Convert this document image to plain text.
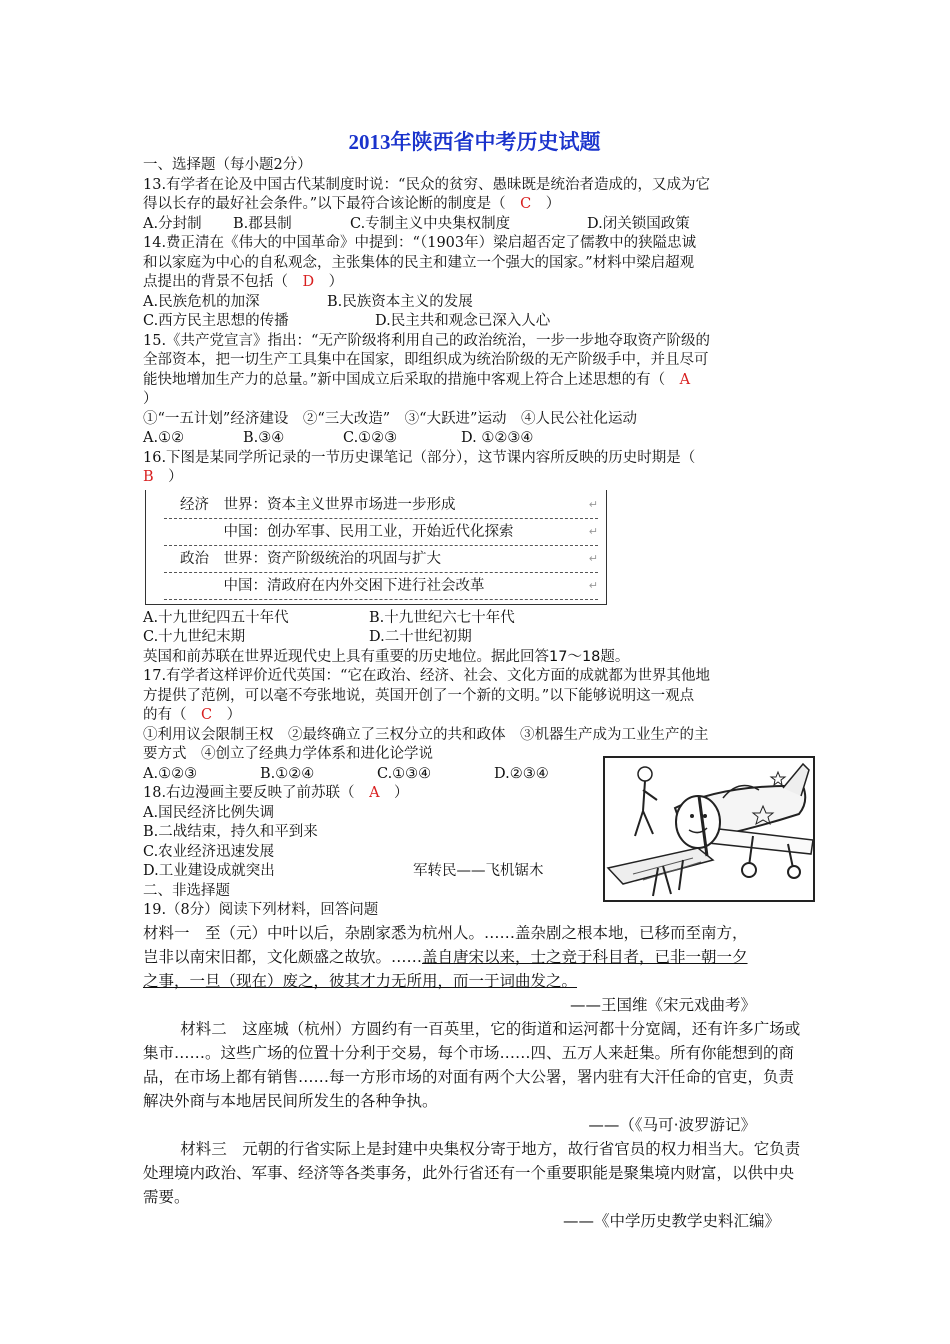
2013年陕西省中考历史试题
一、选择题（每小题2分）
13.有学者在论及中国古代某制度时说：“民众的贫穷、愚昧既是统治者造成的，又成为它
得以长存的最好社会条件。”以下最符合该论断的制度是（　 C　 ）
A.分封制 B.郡县制	C.专制主义中央集权制度	D.闭关锁国政策
14.费正清在《伟大的中国革命》中提到：“（1903年）梁启超否定了儒教中的狭隘忠诚
和以家庭为中心的自私观念，主张集体的民主和建立一个强大的国家。”材料中梁启超观
点提出的背景不包括（　 D　 ）
A.民族危机的加深	B.民族资本主义的发展
C.西方民主思想的传播	D.民主共和观念已深入人心
15.《共产党宣言》指出：“无产阶级将利用自己的政治统治，一步一步地夺取资产阶级的
全部资本，把一切生产工具集中在国家，即组织成为统治阶级的无产阶级手中，并且尽可
能快地增加生产力的总量。”新中国成立后采取的措施中客观上符合上述思想的有（　 A
）
①“一五计划”经济建设　②“三大改造”　③“大跃进”运动　④人民公社化运动
A.①②	B.③④	C.①②③	D. ①②③④
16.下图是某同学所记录的一节历史课笔记（部分），这节课内容所反映的历史时期是（
B　 ）
经济　世界：资本主义世界市场进一步形成	↵
　　　中国：创办军事、民用工业，开始近代化探索	↵
政治　世界：资产阶级统治的巩固与扩大	↵
　　　中国：清政府在内外交困下进行社会改革	↵
A.十九世纪四五十年代	B.十九世纪六七十年代
C.十九世纪末期	D.二十世纪初期
英国和前苏联在世界近现代史上具有重要的历史地位。据此回答17～18题。
17.有学者这样评价近代英国：“它在政治、经济、社会、文化方面的成就都为世界其他地
方提供了范例，可以毫不夸张地说，英国开创了一个新的文明。”以下能够说明这一观点
的有（　 C　 ）
①利用议会限制王权　②最终确立了三权分立的共和政体　③机器生产成为工业生产的主
要方式　④创立了经典力学体系和进化论学说
A.①②③	B.①②④	C.①③④	D.②③④
18.右边漫画主要反映了前苏联（　 A　 ）
A.国民经济比例失调
B.二战结束，持久和平到来
C.农业经济迅速发展
D.工业建设成就突出	军转民——飞机锯木
二、非选择题
19.（8分）阅读下列材料，回答问题
材料一　至（元）中叶以后，杂剧家悉为杭州人。……盖杂剧之根本地，已移而至南方，
岂非以南宋旧都，文化颇盛之故欤。……盖自唐宋以来，士之竞于科目者，已非一朝一夕
之事，一旦（现在）废之，彼其才力无所用，而一于词曲发之。
——王国维《宋元戏曲考》
材料二　这座城（杭州）方圆约有一百英里，它的街道和运河都十分宽阔，还有许多广场或集市……。这些广场的位置十分利于交易，每个市场……四、五万人来赶集。所有你能想到的商品，在市场上都有销售……每一方形市场的对面有两个大公署，署内驻有大汗任命的官吏，负责解决外商与本地居民间所发生的各种争执。
——（《马可·波罗游记》
材料三　元朝的行省实际上是封建中央集权分寄于地方，故行省官员的权力相当大。它负责处理境内政治、军事、经济等各类事务，此外行省还有一个重要职能是聚集境内财富，以供中央需要。
——《中学历史教学史料汇编》
